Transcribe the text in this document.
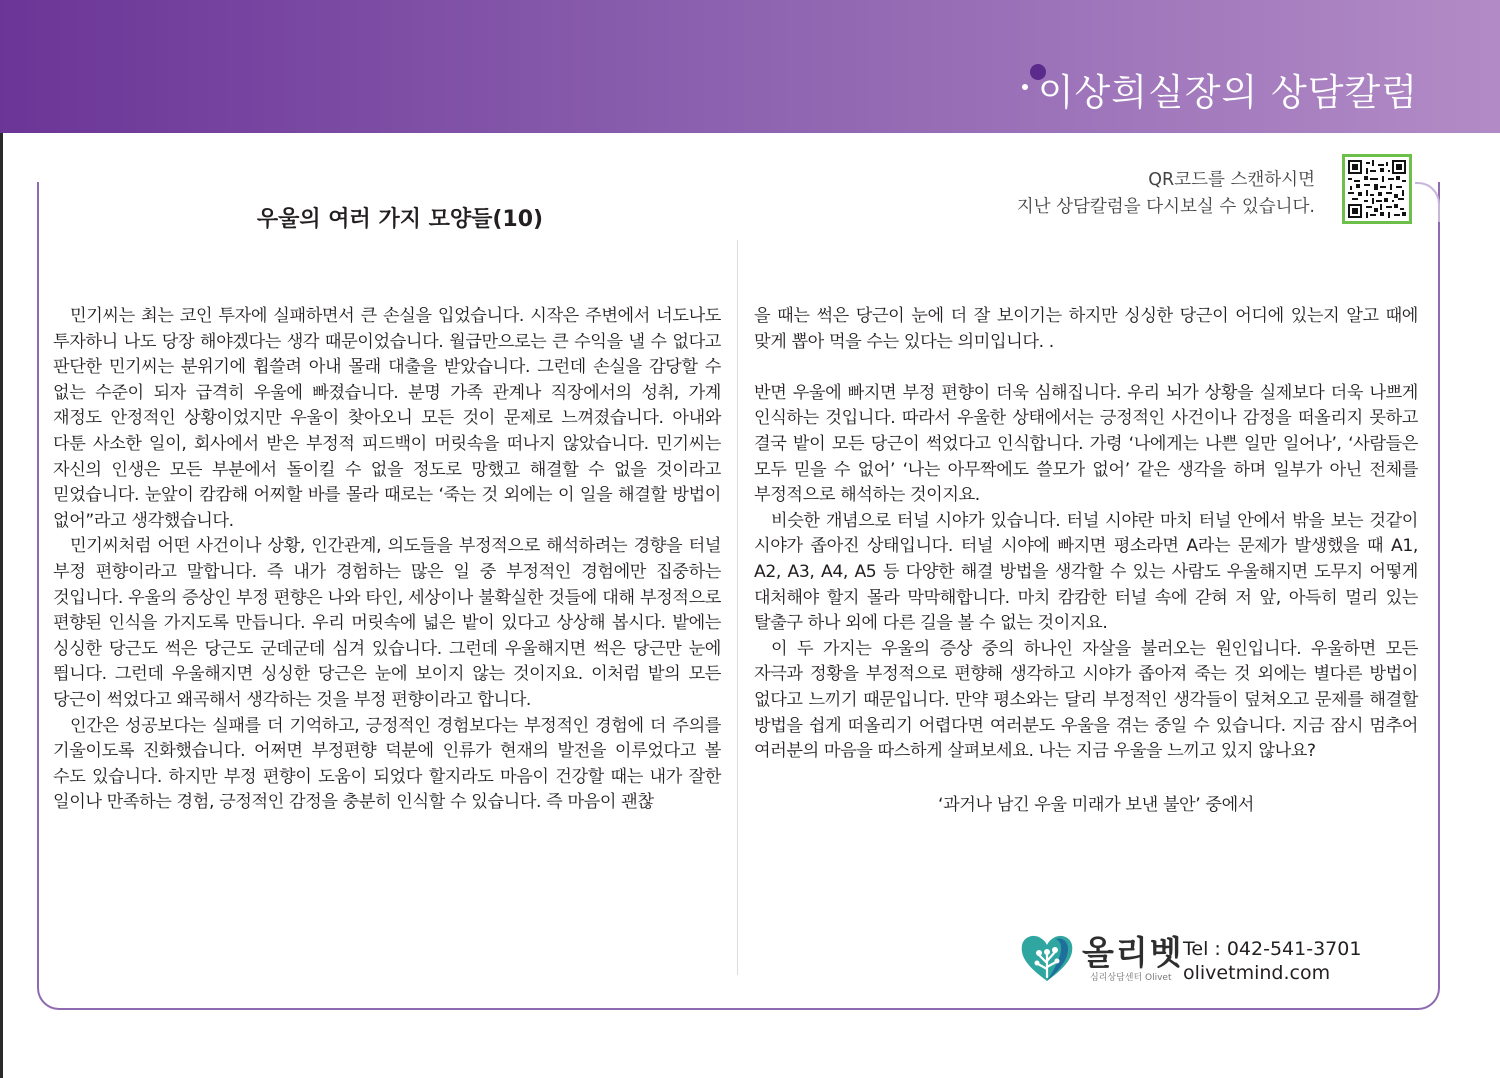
이상희실장의 상담칼럼
우울의 여러 가지 모양들(10)
QR코드를 스캔하시면
지난 상담칼럼을 다시보실 수 있습니다.

민기씨는 최는 코인 투자에 실패하면서 큰 손실을 입었습니다. 시작은 주변에서 너도나도 투자하니 나도 당장 해야겠다는 생각 때문이었습니다. 월급만으로는 큰 수익을 낼 수 없다고 판단한 민기씨는 분위기에 휩쓸려 아내 몰래 대출을 받았습니다. 그런데 손실을 감당할 수 없는 수준이 되자 급격히 우울에 빠졌습니다. 분명 가족 관계나 직장에서의 성취, 가계 재정도 안정적인 상황이었지만 우울이 찾아오니 모든 것이 문제로 느껴졌습니다. 아내와 다툰 사소한 일이, 회사에서 받은 부정적 피드백이 머릿속을 떠나지 않았습니다. 민기씨는 자신의 인생은 모든 부분에서 돌이킬 수 없을 정도로 망했고 해결할 수 없을 것이라고 믿었습니다. 눈앞이 캄캄해 어찌할 바를 몰라 때로는 ‘죽는 것 외에는 이 일을 해결할 방법이 없어”라고 생각했습니다.

민기씨처럼 어떤 사건이나 상황, 인간관계, 의도들을 부정적으로 해석하려는 경향을 터널 부정 편향이라고 말합니다. 즉 내가 경험하는 많은 일 중 부정적인 경험에만 집중하는 것입니다. 우울의 증상인 부정 편향은 나와 타인, 세상이나 불확실한 것들에 대해 부정적으로 편향된 인식을 가지도록 만듭니다. 우리 머릿속에 넓은 밭이 있다고 상상해 봅시다. 밭에는 싱싱한 당근도 썩은 당근도 군데군데 심겨 있습니다. 그런데 우울해지면 썩은 당근만 눈에 띕니다. 그런데 우울해지면 싱싱한 당근은 눈에 보이지 않는 것이지요. 이처럼 밭의 모든 당근이 썩었다고 왜곡해서 생각하는 것을 부정 편향이라고 합니다.

인간은 성공보다는 실패를 더 기억하고, 긍정적인 경험보다는 부정적인 경험에 더 주의를 기울이도록 진화했습니다. 어쩌면 부정편향 덕분에 인류가 현재의 발전을 이루었다고 볼 수도 있습니다. 하지만 부정 편향이 도움이 되었다 할지라도 마음이 건강할 때는 내가 잘한 일이나 만족하는 경험, 긍정적인 감정을 충분히 인식할 수 있습니다. 즉 마음이 괜찮

을 때는 썩은 당근이 눈에 더 잘 보이기는 하지만 싱싱한 당근이 어디에 있는지 알고 때에 맞게 뽑아 먹을 수는 있다는 의미입니다. .

반면 우울에 빠지면 부정 편향이 더욱 심해집니다. 우리 뇌가 상황을 실제보다 더욱 나쁘게 인식하는 것입니다. 따라서 우울한 상태에서는 긍정적인 사건이나 감정을 떠올리지 못하고 결국 밭이 모든 당근이 썩었다고 인식합니다. 가령 ‘나에게는 나쁜 일만 일어나’, ‘사람들은 모두 믿을 수 없어’ ‘나는 아무짝에도 쓸모가 없어’ 같은 생각을 하며 일부가 아닌 전체를 부정적으로 해석하는 것이지요.

비슷한 개념으로 터널 시야가 있습니다. 터널 시야란 마치 터널 안에서 밖을 보는 것같이 시야가 좁아진 상태입니다. 터널 시야에 빠지면 평소라면 A라는 문제가 발생했을 때 A1, A2, A3, A4, A5 등 다양한 해결 방법을 생각할 수 있는 사람도 우울해지면 도무지 어떻게 대처해야 할지 몰라 막막해합니다. 마치 캄캄한 터널 속에 갇혀 저 앞, 아득히 멀리 있는 탈출구 하나 외에 다른 길을 볼 수 없는 것이지요.

이 두 가지는 우울의 증상 중의 하나인 자살을 불러오는 원인입니다. 우울하면 모든 자극과 정황을 부정적으로 편향해 생각하고 시야가 좁아져 죽는 것 외에는 별다른 방법이 없다고 느끼기 때문입니다. 만약 평소와는 달리 부정적인 생각들이 덮쳐오고 문제를 해결할 방법을 쉽게 떠올리기 어렵다면 여러분도 우울을 겪는 중일 수 있습니다. 지금 잠시 멈추어 여러분의 마음을 따스하게 살펴보세요. 나는 지금 우울을 느끼고 있지 않나요?

‘과거나 남긴 우울 미래가 보낸 불안’ 중에서

올리벳
심리상담센터 Olivet
Tel : 042-541-3701
olivetmind.com
